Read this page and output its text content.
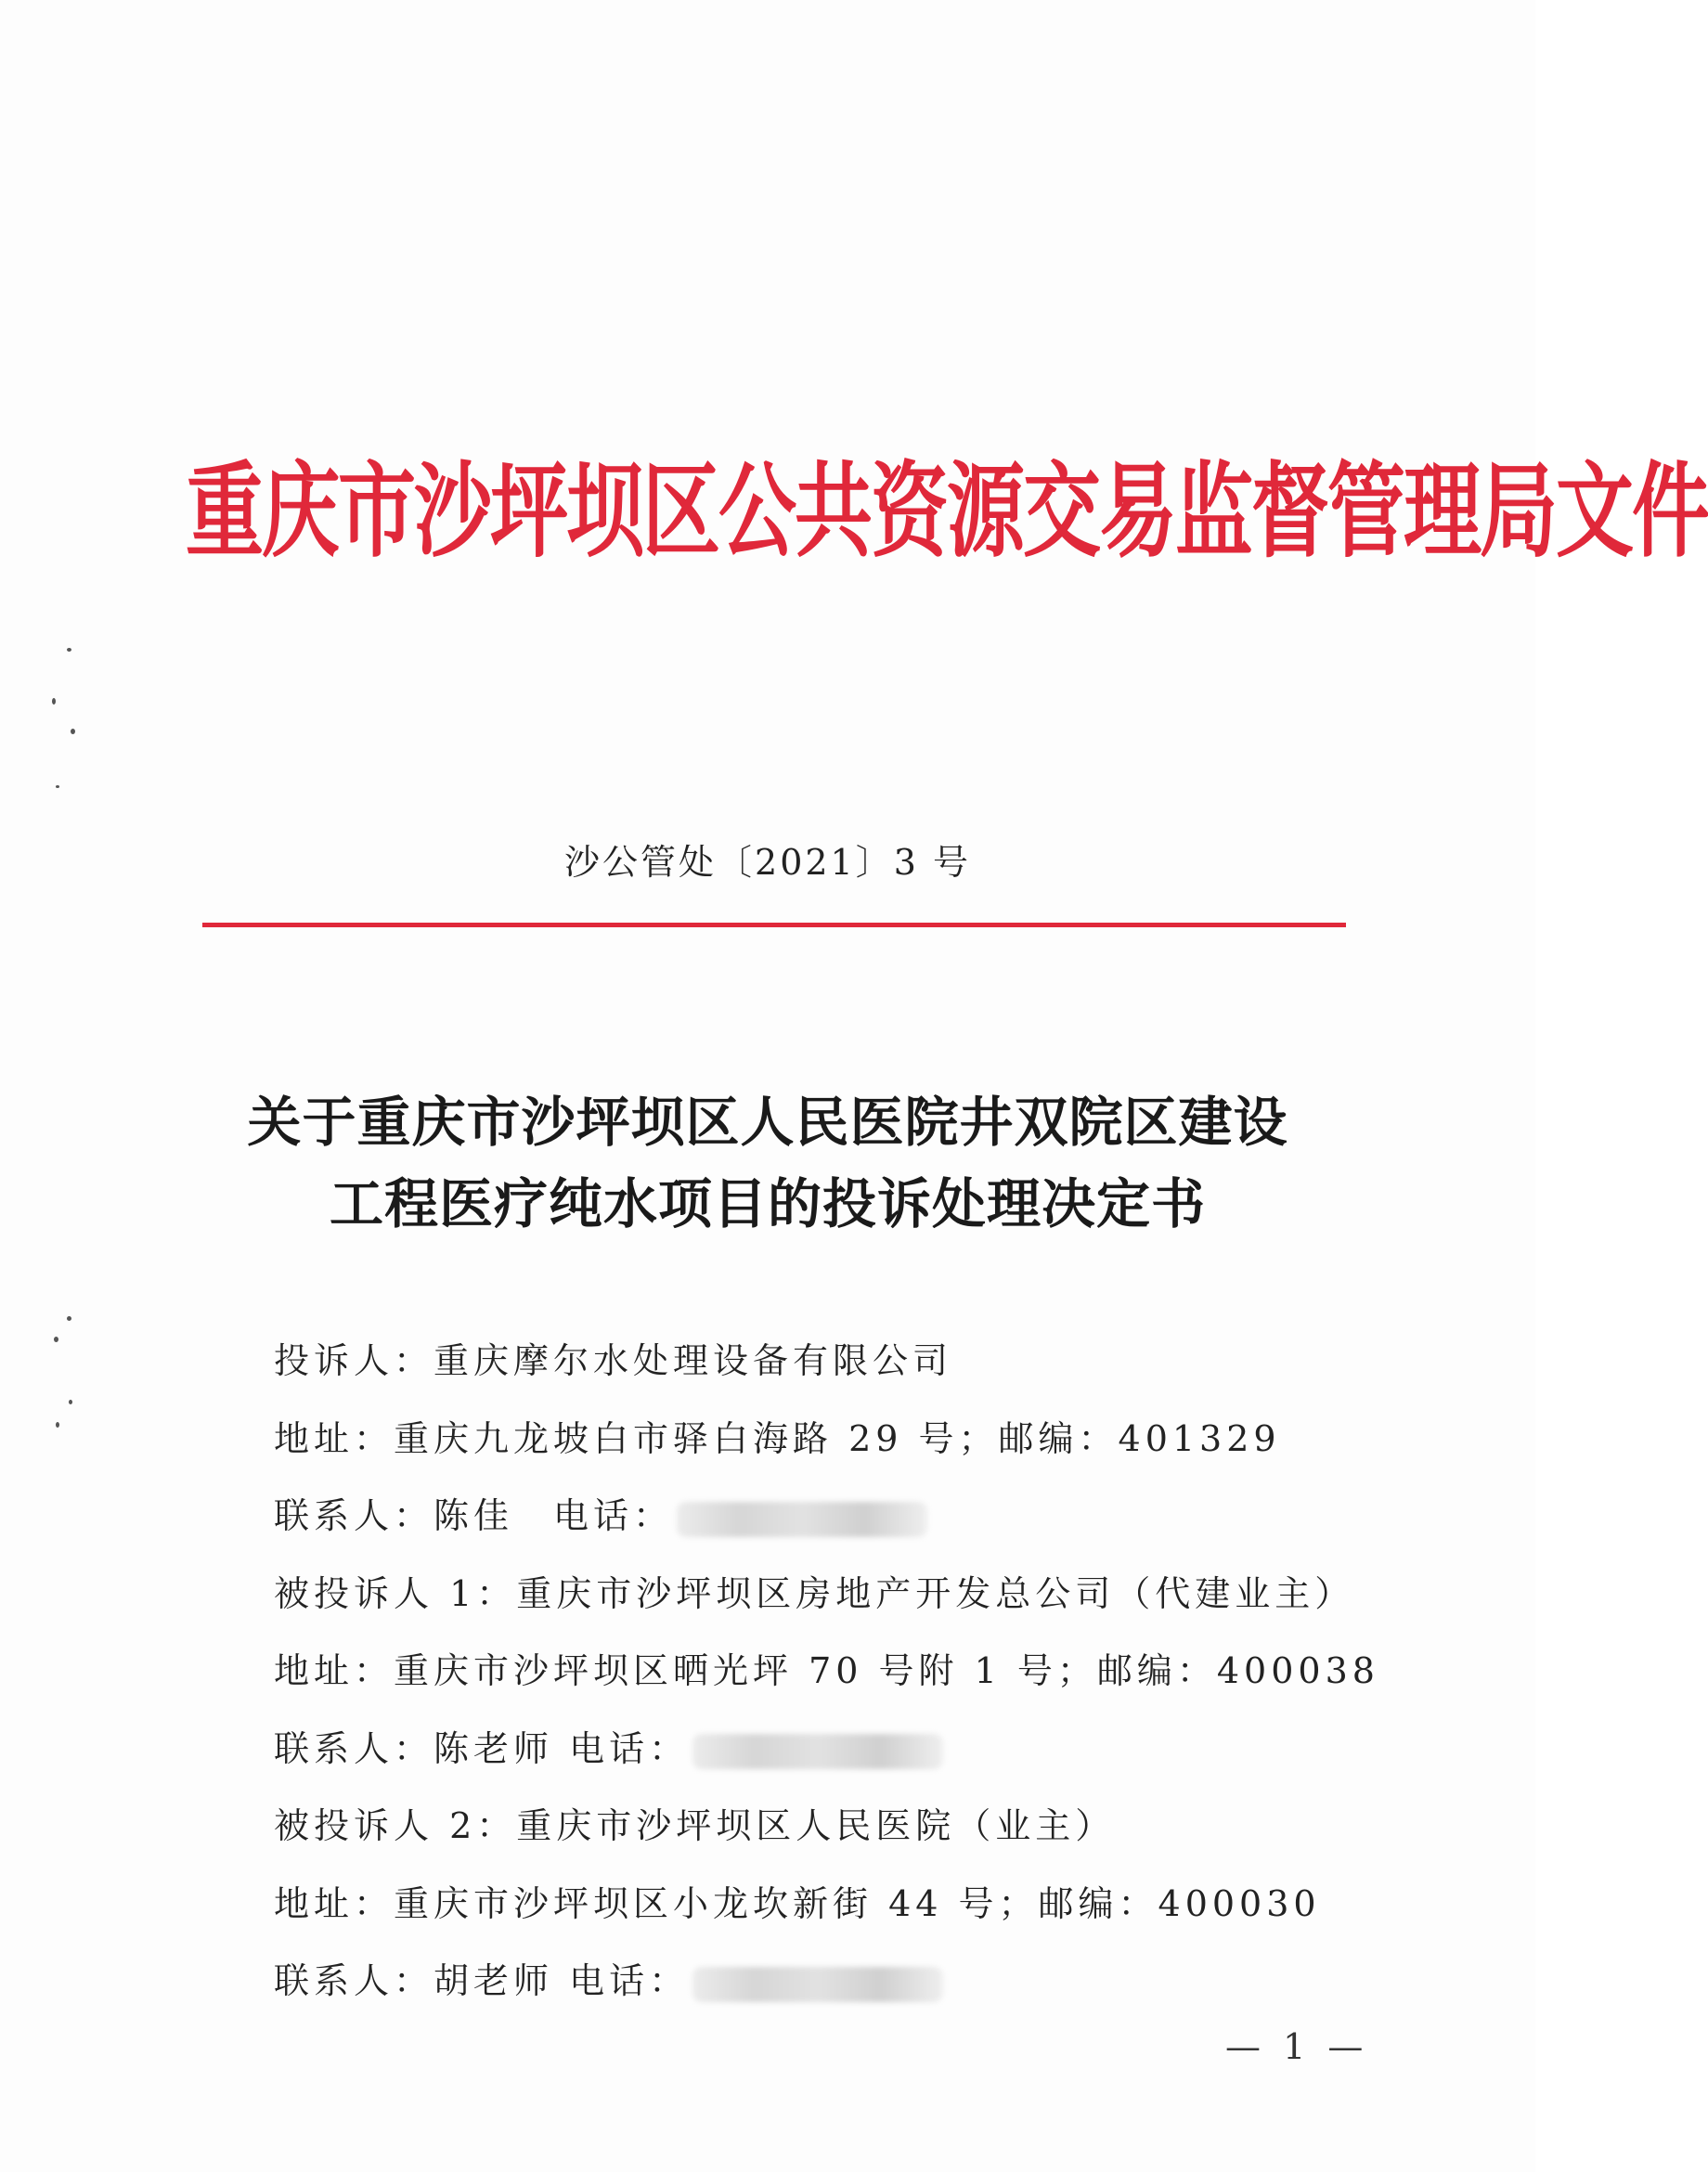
重庆市沙坪坝区公共资源交易监督管理局文件
沙公管处〔2021〕3 号
关于重庆市沙坪坝区人民医院井双院区建设
工程医疗纯水项目的投诉处理决定书
投诉人：重庆摩尔水处理设备有限公司
地址：重庆九龙坡白市驿白海路 29 号；邮编：401329
联系人：陈佳　电话：
被投诉人 1：重庆市沙坪坝区房地产开发总公司（代建业主）
地址：重庆市沙坪坝区晒光坪 70 号附 1 号；邮编：400038
联系人：陈老师 电话：
被投诉人 2：重庆市沙坪坝区人民医院（业主）
地址：重庆市沙坪坝区小龙坎新街 44 号；邮编：400030
联系人：胡老师 电话：
— 1 —
